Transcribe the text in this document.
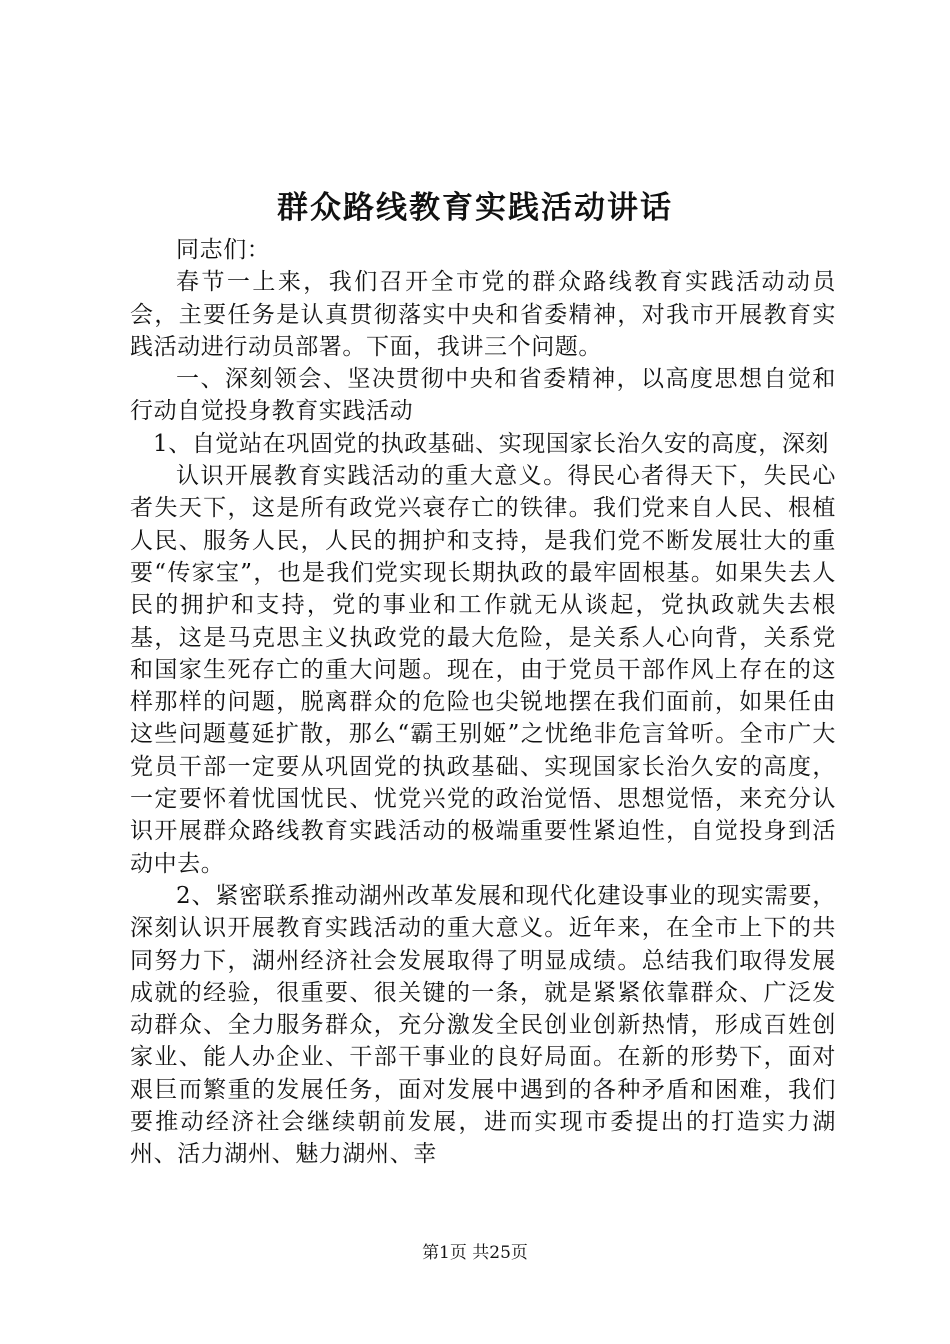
群众路线教育实践活动讲话

同志们：

春节一上来，我们召开全市党的群众路线教育实践活动动员会，主要任务是认真贯彻落实中央和省委精神，对我市开展教育实践活动进行动员部署。下面，我讲三个问题。

一、深刻领会、坚决贯彻中央和省委精神，以高度思想自觉和行动自觉投身教育实践活动

1、自觉站在巩固党的执政基础、实现国家长治久安的高度，深刻

认识开展教育实践活动的重大意义。得民心者得天下，失民心者失天下，这是所有政党兴衰存亡的铁律。我们党来自人民、根植人民、服务人民，人民的拥护和支持，是我们党不断发展壮大的重要“传家宝”，也是我们党实现长期执政的最牢固根基。如果失去人民的拥护和支持，党的事业和工作就无从谈起，党执政就失去根基，这是马克思主义执政党的最大危险，是关系人心向背，关系党和国家生死存亡的重大问题。现在，由于党员干部作风上存在的这样那样的问题，脱离群众的危险也尖锐地摆在我们面前，如果任由这些问题蔓延扩散，那么“霸王别姬”之忧绝非危言耸听。全市广大党员干部一定要从巩固党的执政基础、实现国家长治久安的高度，一定要怀着忧国忧民、忧党兴党的政治觉悟、思想觉悟，来充分认识开展群众路线教育实践活动的极端重要性紧迫性，自觉投身到活动中去。

2、紧密联系推动湖州改革发展和现代化建设事业的现实需要，深刻认识开展教育实践活动的重大意义。近年来，在全市上下的共同努力下，湖州经济社会发展取得了明显成绩。总结我们取得发展成就的经验，很重要、很关键的一条，就是紧紧依靠群众、广泛发动群众、全力服务群众，充分激发全民创业创新热情，形成百姓创家业、能人办企业、干部干事业的良好局面。在新的形势下，面对艰巨而繁重的发展任务，面对发展中遇到的各种矛盾和困难，我们要推动经济社会继续朝前发展，进而实现市委提出的打造实力湖州、活力湖州、魅力湖州、幸

第1页 共25页
